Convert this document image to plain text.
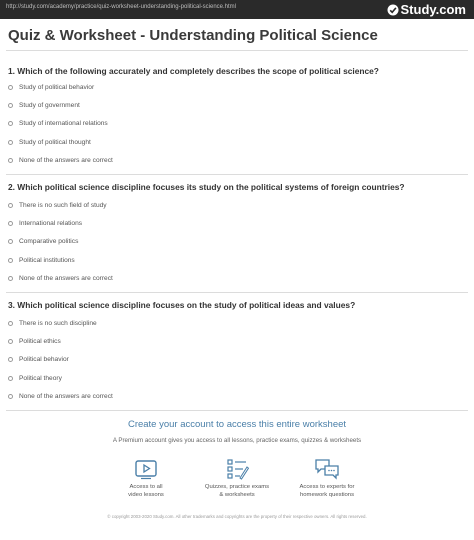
http://study.com/academy/practice/quiz-worksheet-understanding-political-science.html	Study.com
Quiz & Worksheet - Understanding Political Science
1. Which of the following accurately and completely describes the scope of political science?
Study of political behavior
Study of government
Study of international relations
Study of political thought
None of the answers are correct
2. Which political science discipline focuses its study on the political systems of foreign countries?
There is no such field of study
International relations
Comparative politics
Political institutions
None of the answers are correct
3. Which political science discipline focuses on the study of political ideas and values?
There is no such discipline
Political ethics
Political behavior
Political theory
None of the answers are correct
Create your account to access this entire worksheet
A Premium account gives you access to all lessons, practice exams, quizzes & worksheets
Access to all
video lessons
Quizzes, practice exams
& worksheets
Access to experts for
homework questions
© copyright 2003-2020 Study.com. All other trademarks and copyrights are the property of their respective owners. All rights reserved.
